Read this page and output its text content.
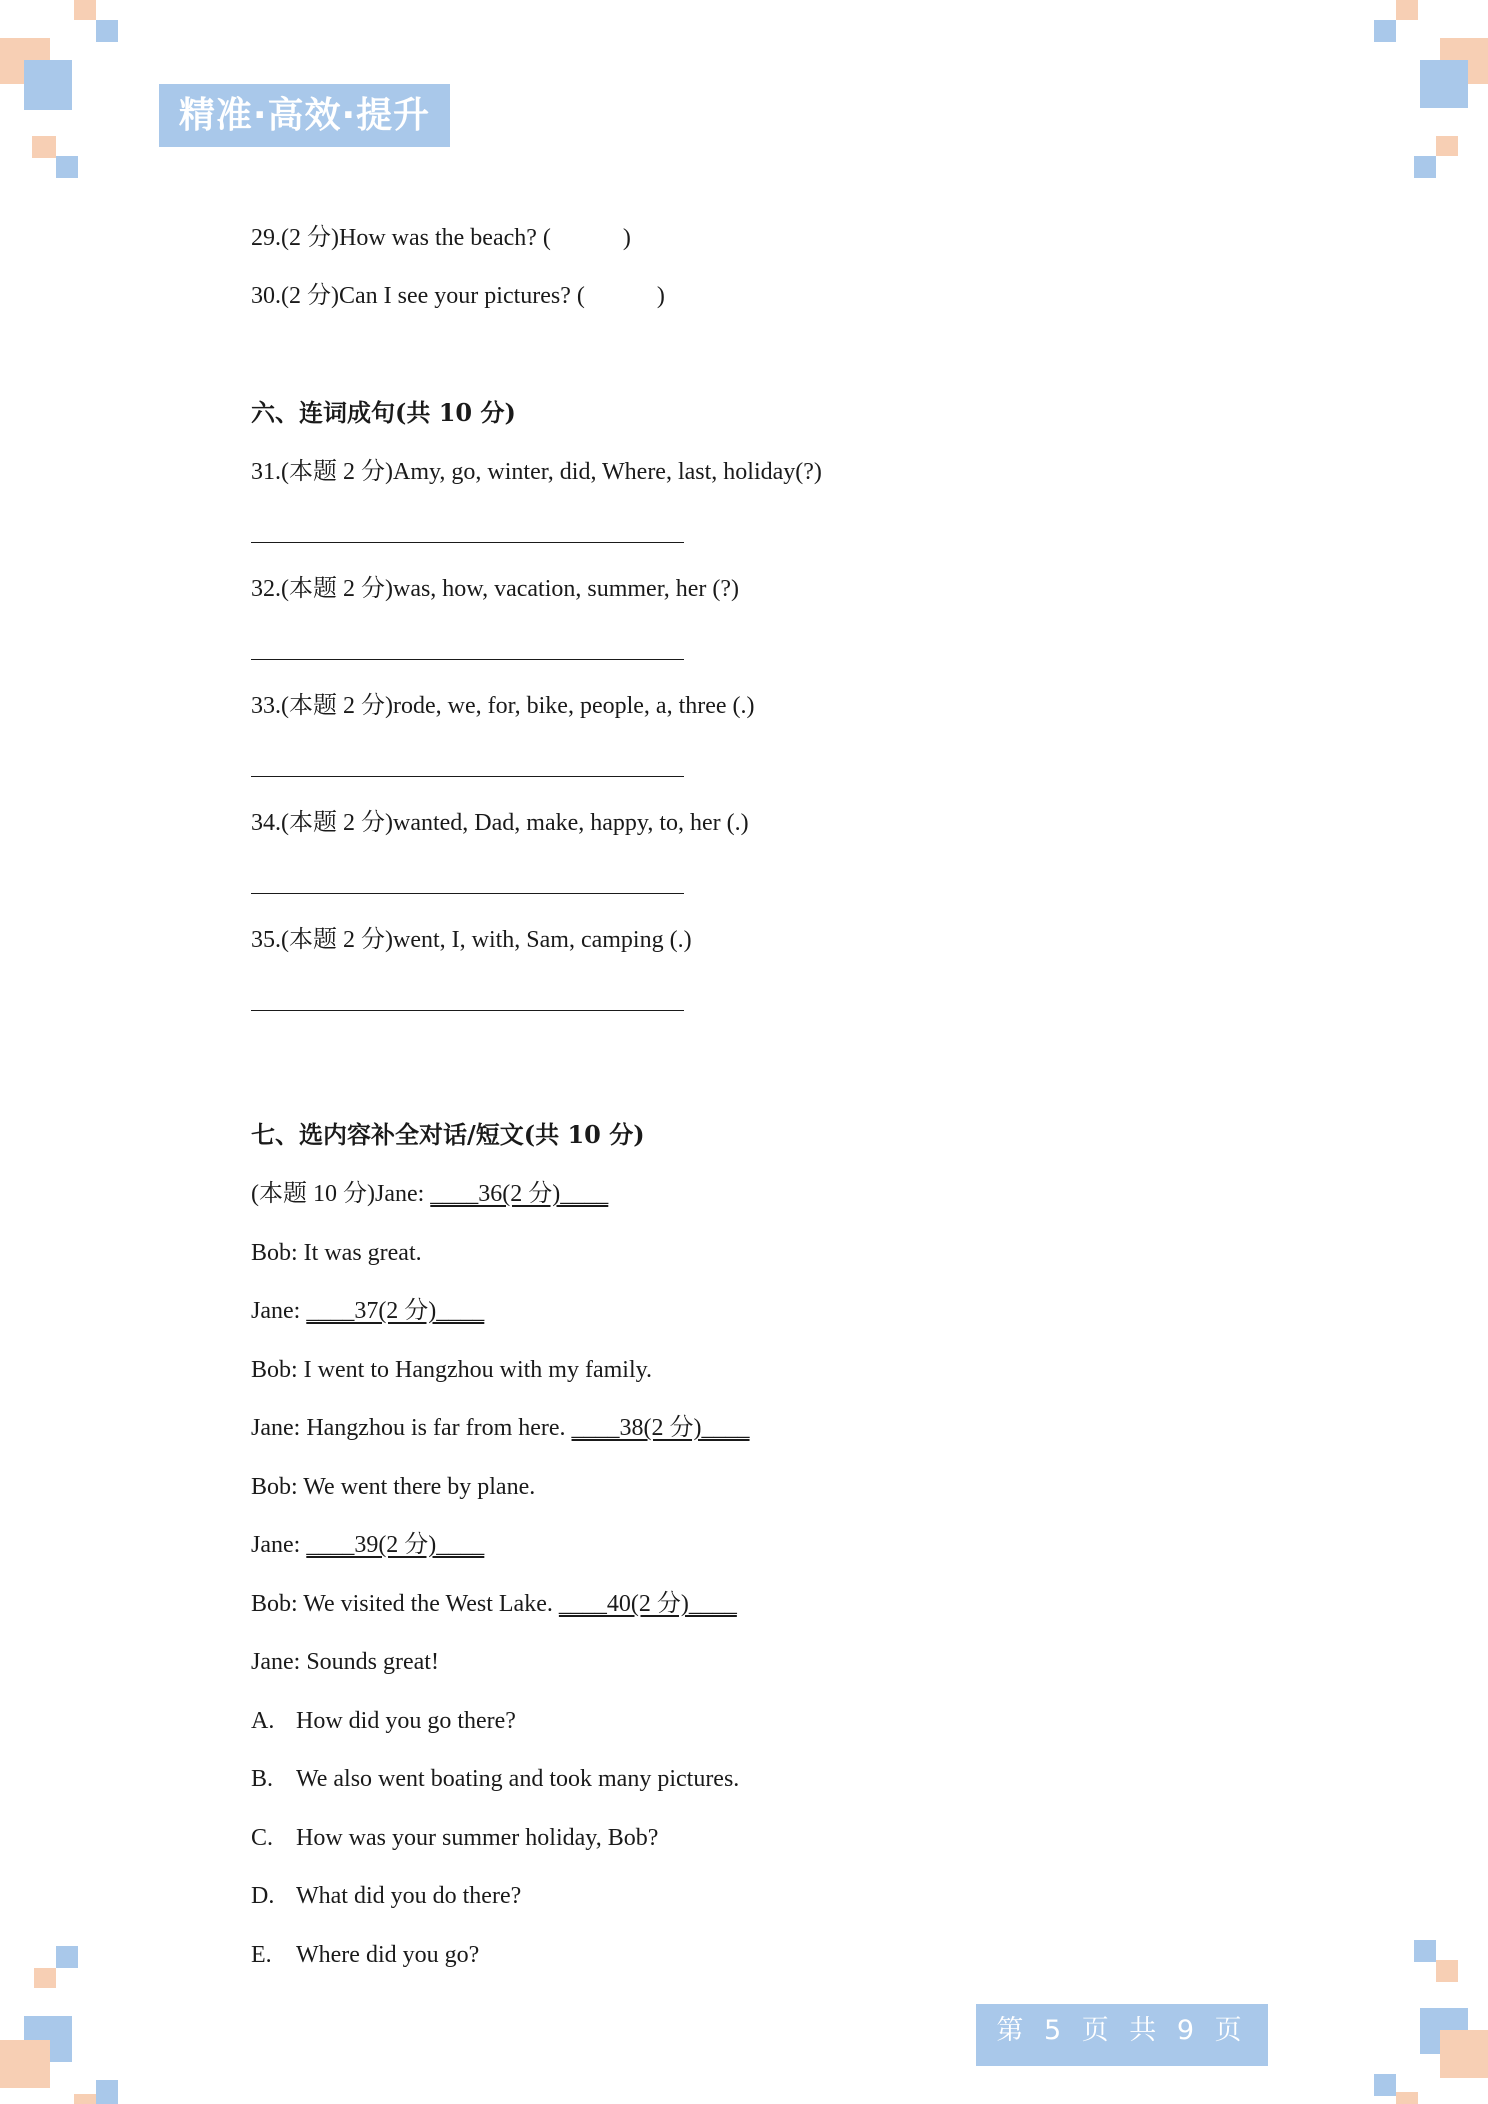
精准·高效·提升
29.(2 分)How was the beach? (            )
30.(2 分)Can I see your pictures? (            )
六、连词成句(共 10 分)
31.(本题 2 分)Amy, go, winter, did, Where, last, holiday(?)
32.(本题 2 分)was, how, vacation, summer, her (?)
33.(本题 2 分)rode, we, for, bike, people, a, three (.)
34.(本题 2 分)wanted, Dad, make, happy, to, her (.)
35.(本题 2 分)went, I, with, Sam, camping (.)
七、选内容补全对话/短文(共 10 分)
(本题 10 分)Jane: ____36(2 分)____
Bob: It was great.
Jane: ____37(2 分)____
Bob: I went to Hangzhou with my family.
Jane: Hangzhou is far from here. ____38(2 分)____
Bob: We went there by plane.
Jane: ____39(2 分)____
Bob: We visited the West Lake. ____40(2 分)____
Jane: Sounds great!
A. How did you go there?
B. We also went boating and took many pictures.
C. How was your summer holiday, Bob?
D. What did you do there?
E. Where did you go?
第 5 页 共 9 页
